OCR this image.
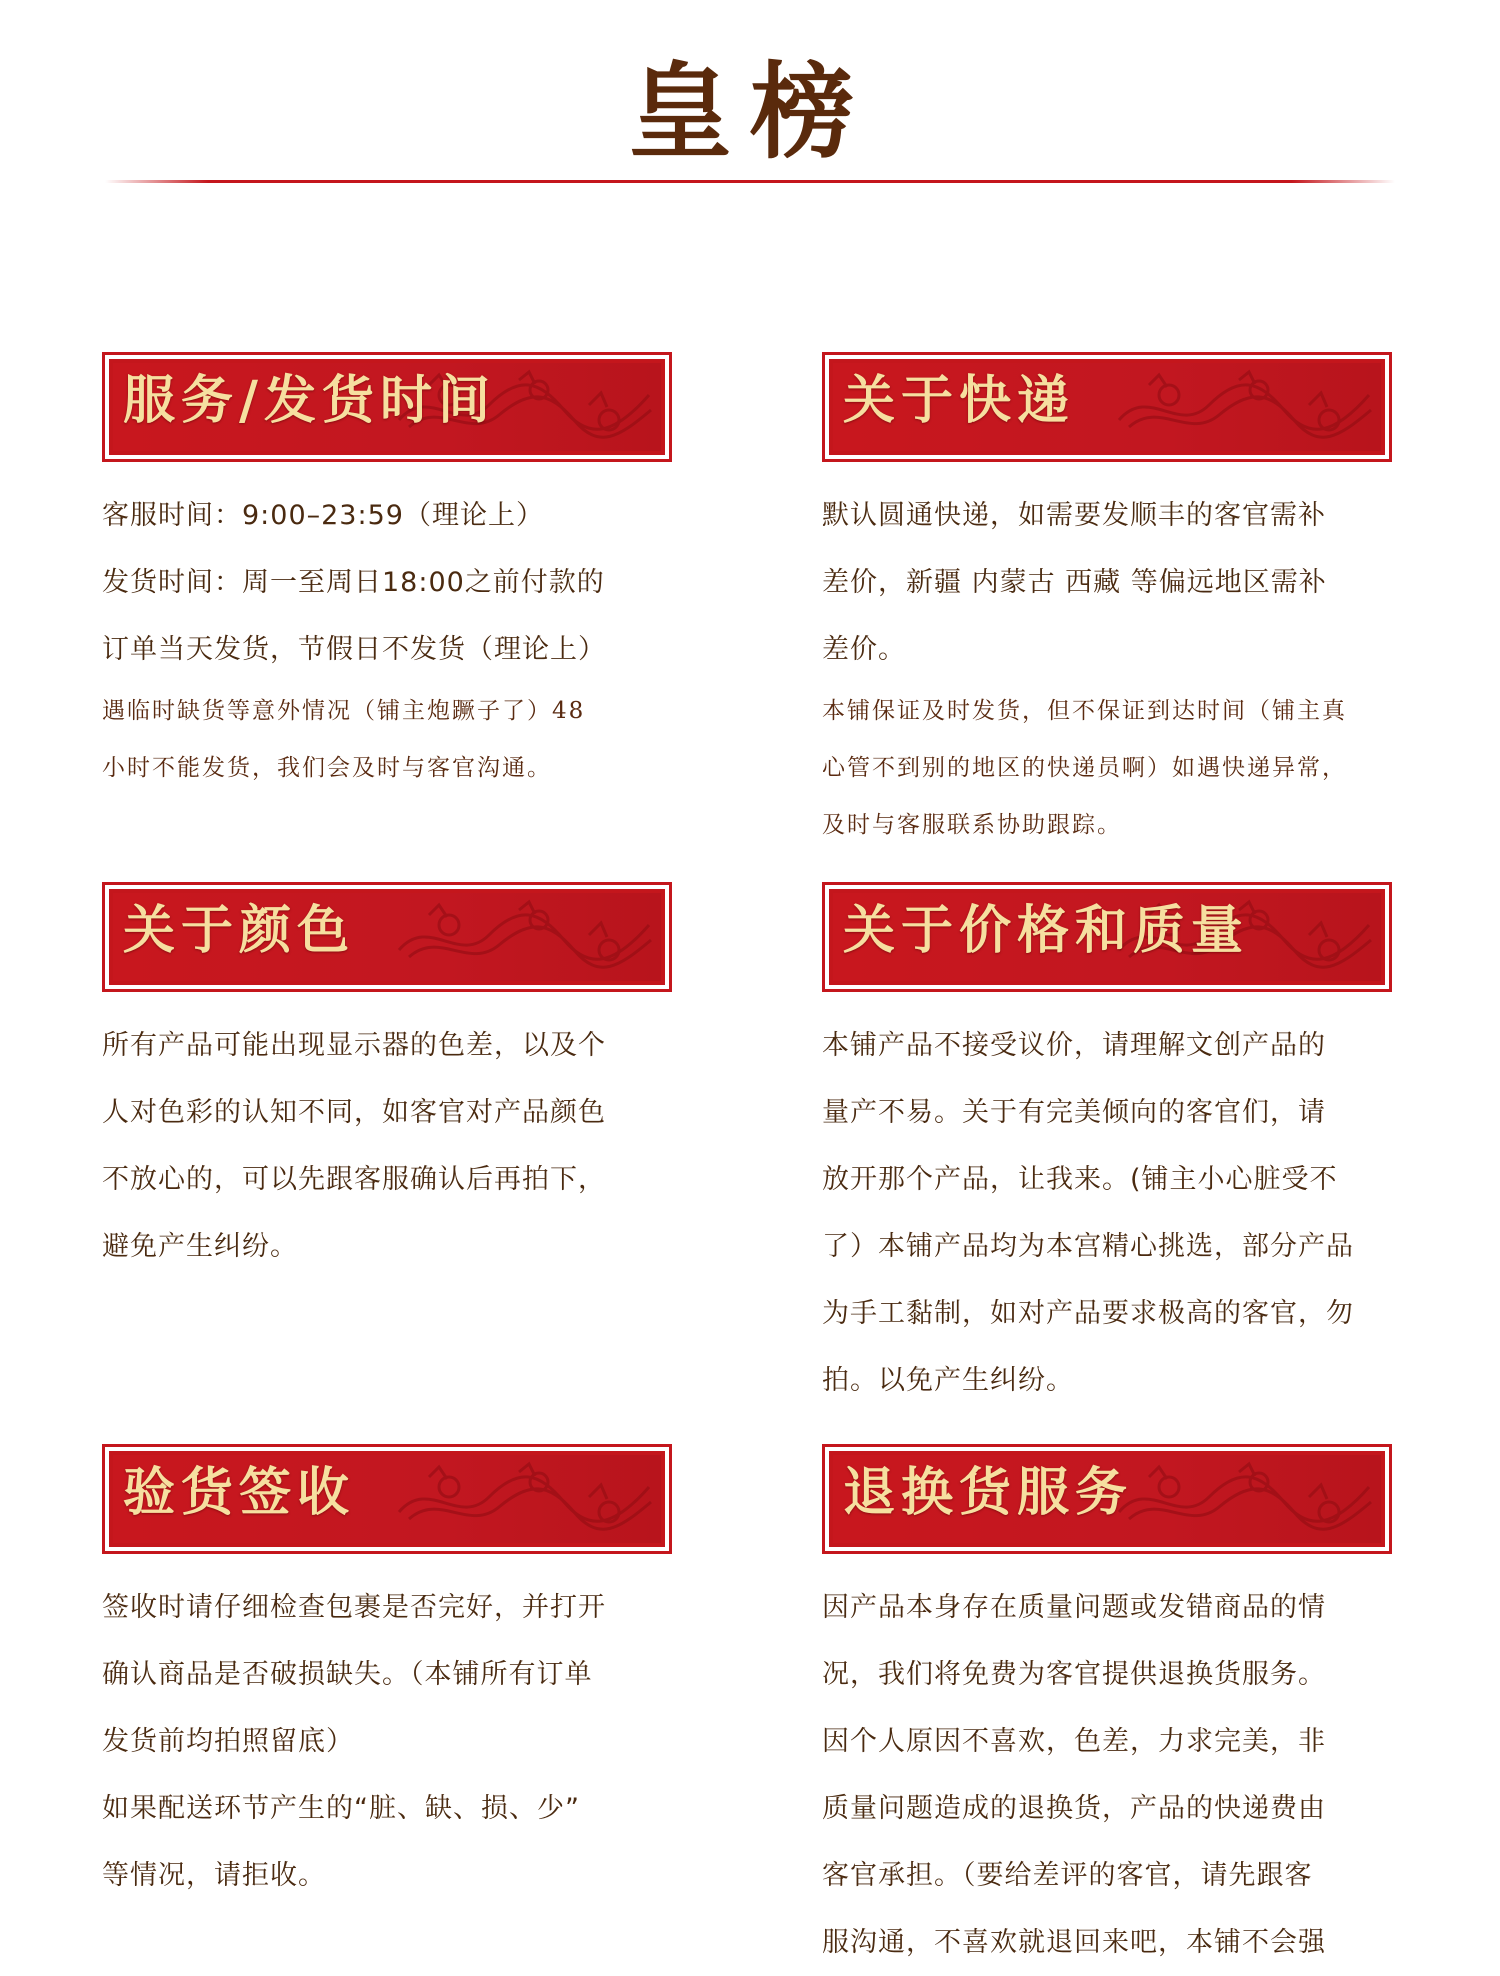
皇榜
服务/发货时间
客服时间：9:00–23:59（理论上）
发货时间：周一至周日18:00之前付款的
订单当天发货，节假日不发货（理论上）
遇临时缺货等意外情况（铺主炮蹶子了）48
小时不能发货，我们会及时与客官沟通。
关于快递
默认圆通快递，如需要发顺丰的客官需补
差价，新疆 内蒙古 西藏 等偏远地区需补
差价。
本铺保证及时发货，但不保证到达时间（铺主真
心管不到别的地区的快递员啊）如遇快递异常，
及时与客服联系协助跟踪。
关于颜色
所有产品可能出现显示器的色差，以及个
人对色彩的认知不同，如客官对产品颜色
不放心的，可以先跟客服确认后再拍下，
避免产生纠纷。
关于价格和质量
本铺产品不接受议价，请理解文创产品的
量产不易。关于有完美倾向的客官们，请
放开那个产品，让我来。(铺主小心脏受不
了）本铺产品均为本宫精心挑选，部分产品
为手工黏制，如对产品要求极高的客官，勿
拍。以免产生纠纷。
验货签收
签收时请仔细检查包裹是否完好，并打开
确认商品是否破损缺失。（本铺所有订单
发货前均拍照留底）
如果配送环节产生的“脏、缺、损、少”
等情况，请拒收。
退换货服务
因产品本身存在质量问题或发错商品的情
况，我们将免费为客官提供退换货服务。
因个人原因不喜欢，色差，力求完美，非
质量问题造成的退换货，产品的快递费由
客官承担。（要给差评的客官，请先跟客
服沟通，不喜欢就退回来吧，本铺不会强
